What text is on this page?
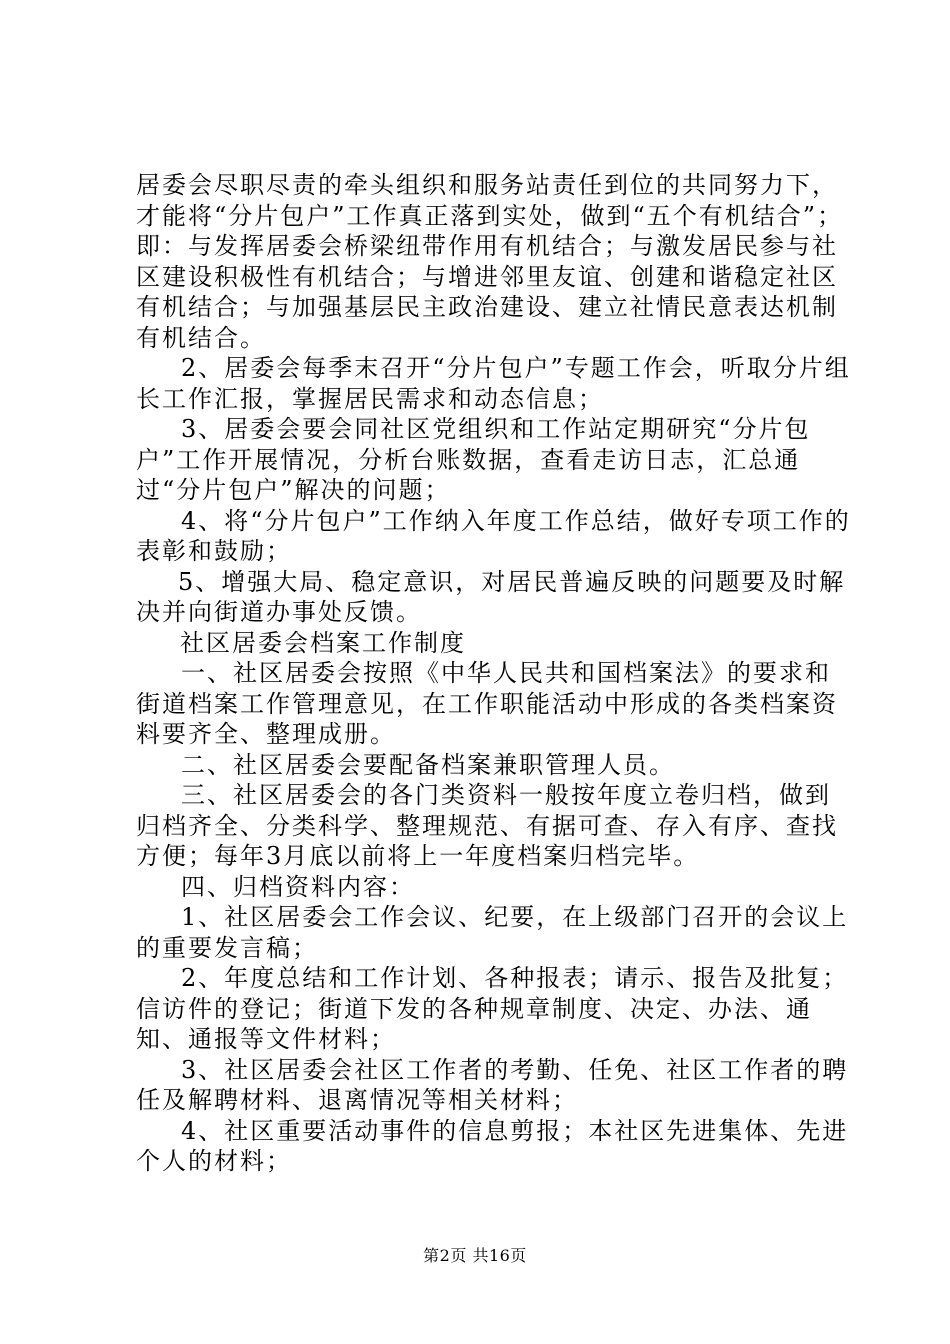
居委会尽职尽责的牵头组织和服务站责任到位的共同努力下，才能将“分片包户”工作真正落到实处，做到“五个有机结合”；即：与发挥居委会桥梁纽带作用有机结合；与激发居民参与社区建设积极性有机结合；与增进邻里友谊、创建和谐稳定社区有机结合；与加强基层民主政治建设、建立社情民意表达机制有机结合。

2、居委会每季末召开“分片包户”专题工作会，听取分片组长工作汇报，掌握居民需求和动态信息；

3、居委会要会同社区党组织和工作站定期研究“分片包户”工作开展情况，分析台账数据，查看走访日志，汇总通过“分片包户”解决的问题；

4、将“分片包户”工作纳入年度工作总结，做好专项工作的表彰和鼓励；

5、增强大局、稳定意识，对居民普遍反映的问题要及时解决并向街道办事处反馈。

社区居委会档案工作制度

一、社区居委会按照《中华人民共和国档案法》的要求和街道档案工作管理意见，在工作职能活动中形成的各类档案资料要齐全、整理成册。

二、社区居委会要配备档案兼职管理人员。

三、社区居委会的各门类资料一般按年度立卷归档，做到归档齐全、分类科学、整理规范、有据可查、存入有序、查找方便；每年3月底以前将上一年度档案归档完毕。

四、归档资料内容：

1、社区居委会工作会议、纪要，在上级部门召开的会议上的重要发言稿；

2、年度总结和工作计划、各种报表；请示、报告及批复；信访件的登记；街道下发的各种规章制度、决定、办法、通知、通报等文件材料；

3、社区居委会社区工作者的考勤、任免、社区工作者的聘任及解聘材料、退离情况等相关材料；

4、社区重要活动事件的信息剪报；本社区先进集体、先进个人的材料；

第2页 共16页
